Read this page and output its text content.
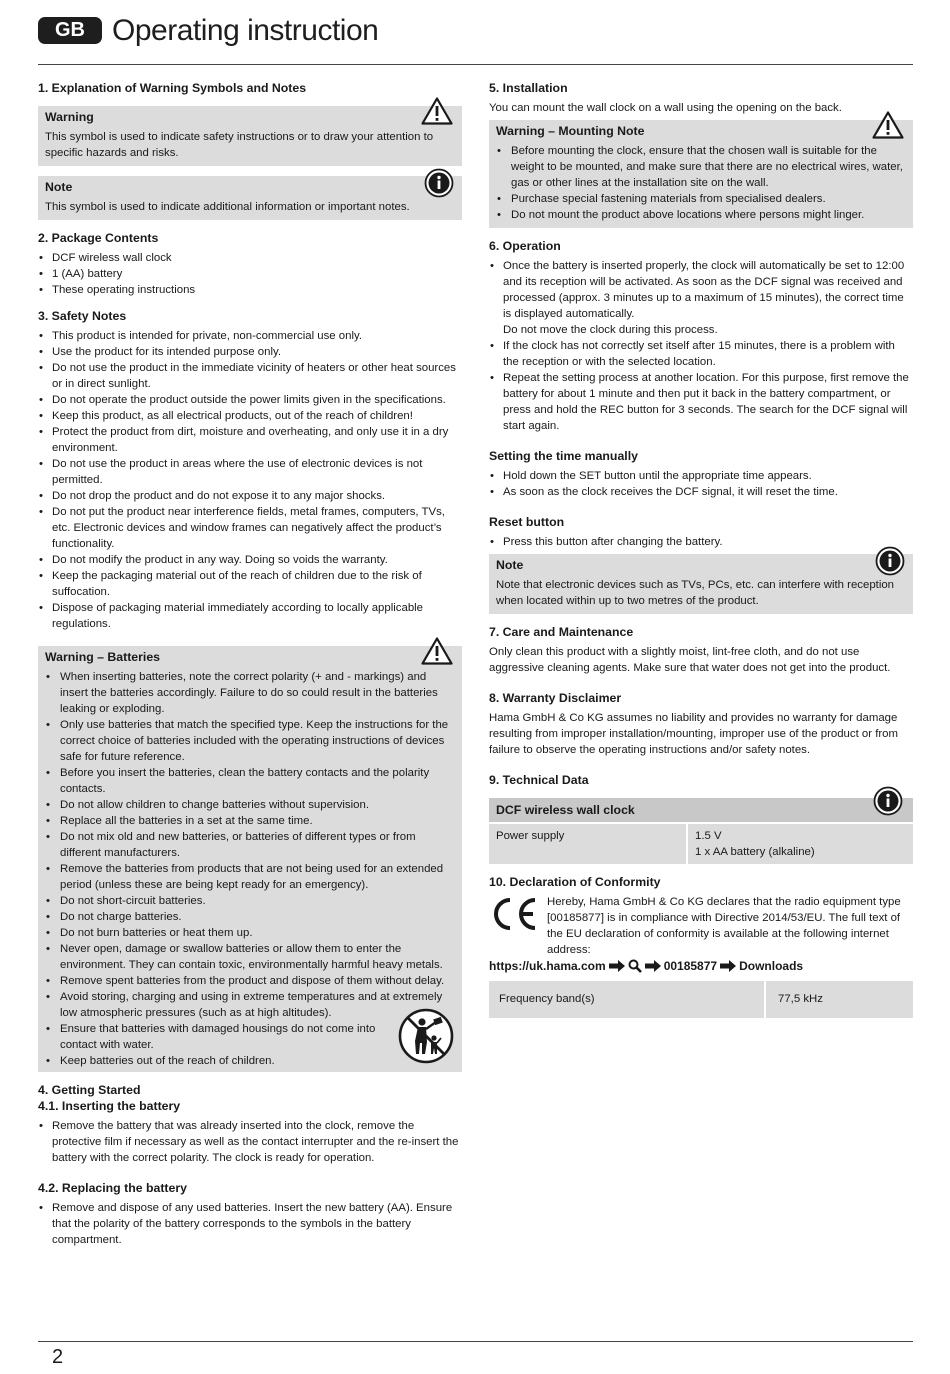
GB Operating instruction
1. Explanation of Warning Symbols and Notes
Warning

This symbol is used to indicate safety instructions or to draw your attention to specific hazards and risks.

Note

This symbol is used to indicate additional information or important notes.

2. Package Contents
• DCF wireless wall clock
• 1 (AA) battery
• These operating instructions
3. Safety Notes
• This product is intended for private, non-commercial use only.
• Use the product for its intended purpose only.
• Do not use the product in the immediate vicinity of heaters or other heat sources or in direct sunlight.
• Do not operate the product outside the power limits given in the specifications.
• Keep this product, as all electrical products, out of the reach of children!
• Protect the product from dirt, moisture and overheating, and only use it in a dry environment.
• Do not use the product in areas where the use of electronic devices is not permitted.
• Do not drop the product and do not expose it to any major shocks.
• Do not put the product near interference fields, metal frames, computers, TVs, etc. Electronic devices and window frames can negatively affect the product’s functionality.
• Do not modify the product in any way. Doing so voids the warranty.
• Keep the packaging material out of the reach of children due to the risk of suffocation.
• Dispose of packaging material immediately according to locally applicable regulations.
Warning – Batteries
• When inserting batteries, note the correct polarity (+ and - markings) and insert the batteries accordingly. Failure to do so could result in the batteries leaking or exploding.
• Only use batteries that match the specified type. Keep the instructions for the correct choice of batteries included with the operating instructions of devices safe for future reference.
• Before you insert the batteries, clean the battery contacts and the polarity contacts.
• Do not allow children to change batteries without supervision.
• Replace all the batteries in a set at the same time.
• Do not mix old and new batteries, or batteries of different types or from different manufacturers.
• Remove the batteries from products that are not being used for an extended period (unless these are being kept ready for an emergency).
• Do not short-circuit batteries.
• Do not charge batteries.
• Do not burn batteries or heat them up.
• Never open, damage or swallow batteries or allow them to enter the environment. They can contain toxic, environmentally harmful heavy metals.
• Remove spent batteries from the product and dispose of them without delay.
• Avoid storing, charging and using in extreme temperatures and at extremely low atmospheric pressures (such as at high altitudes).
• Ensure that batteries with damaged housings do not come into contact with water.
• Keep batteries out of the reach of children.
4. Getting Started
4.1. Inserting the battery
• Remove the battery that was already inserted into the clock, remove the protective film if necessary as well as the contact interrupter and the re-insert the battery with the correct polarity. The clock is ready for operation.
4.2. Replacing the battery
• Remove and dispose of any used batteries. Insert the new battery (AA). Ensure that the polarity of the battery corresponds to the symbols in the battery compartment.
5. Installation

You can mount the wall clock on a wall using the opening on the back.

Warning – Mounting Note
• Before mounting the clock, ensure that the chosen wall is suitable for the weight to be mounted, and make sure that there are no electrical wires, water, gas or other lines at the installation site on the wall.
• Purchase special fastening materials from specialised dealers.
• Do not mount the product above locations where persons might linger.
6. Operation
• Once the battery is inserted properly, the clock will automatically be set to 12:00 and its reception will be activated. As soon as the DCF signal was received and processed (approx. 3 minutes up to a maximum of 15 minutes), the correct time is displayed automatically.
Do not move the clock during this process.
• If the clock has not correctly set itself after 15 minutes, there is a problem with the reception or with the selected location.
• Repeat the setting process at another location. For this purpose, first remove the battery for about 1 minute and then put it back in the battery compartment, or press and hold the REC button for 3 seconds. The search for the DCF signal will start again.
Setting the time manually
• Hold down the SET button until the appropriate time appears.
• As soon as the clock receives the DCF signal, it will reset the time.
Reset button
• Press this button after changing the battery.
Note

Note that electronic devices such as TVs, PCs, etc. can interfere with reception when located within up to two metres of the product.

7. Care and Maintenance

Only clean this product with a slightly moist, lint-free cloth, and do not use aggressive cleaning agents. Make sure that water does not get into the product.

8. Warranty Disclaimer

Hama GmbH & Co KG assumes no liability and provides no warranty for damage resulting from improper installation/mounting, improper use of the product or from failure to observe the operating instructions and/or safety notes.

9. Technical Data
DCF wireless wall clock
Power supply	1.5 V
1 x AA battery (alkaline)
10. Declaration of Conformity

Hereby, Hama GmbH & Co KG declares that the radio equipment type [00185877] is in compliance with Directive 2014/53/EU. The full text of the EU declaration of conformity is available at the following internet address:

https://uk.hama.com	00185877 Downloads
Frequency band(s)	77,5 kHz
2
